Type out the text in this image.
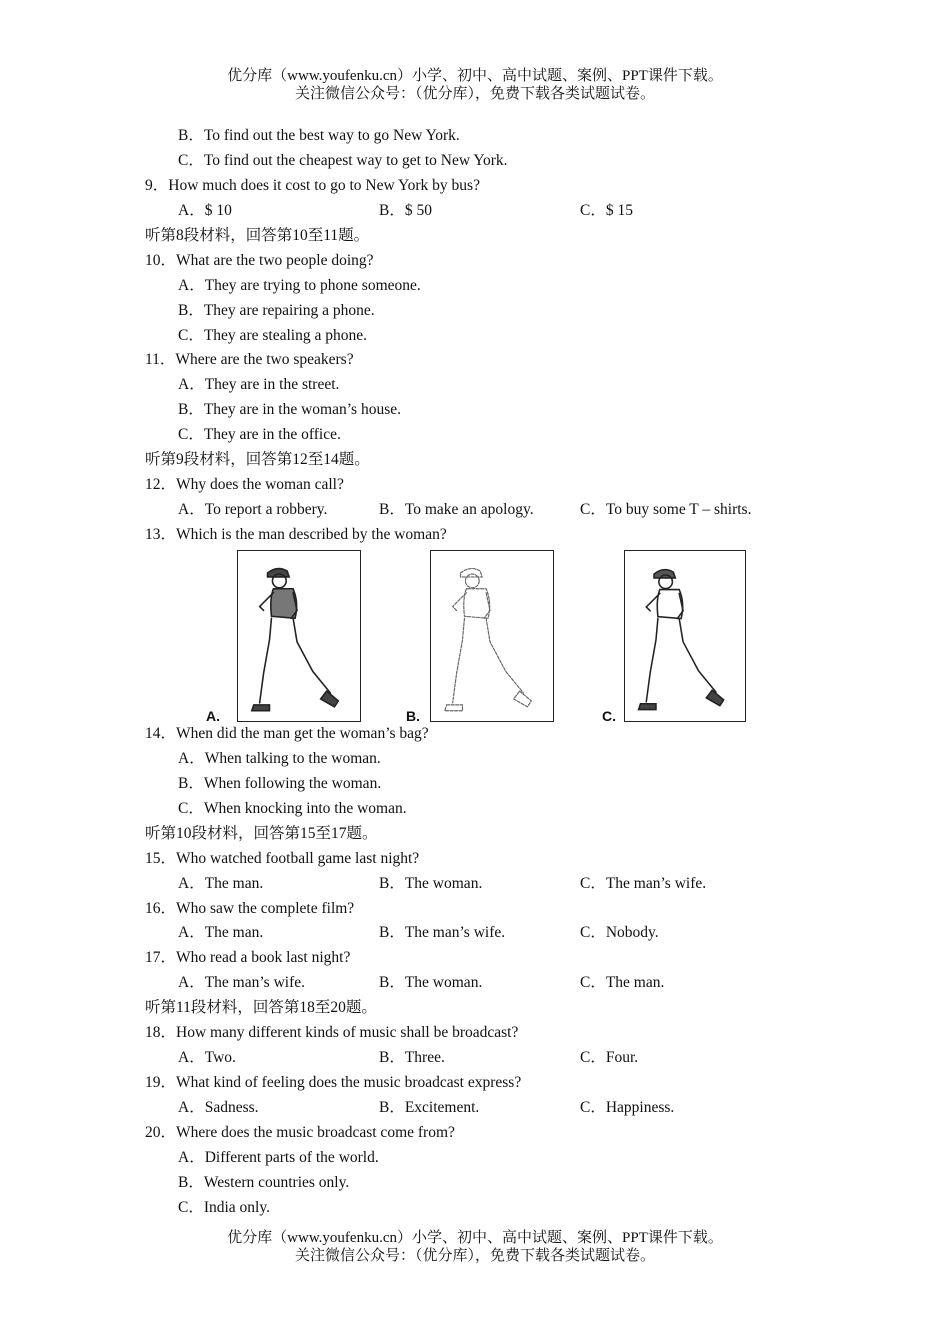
优分库（www.youfenku.cn）小学、初中、高中试题、案例、PPT课件下载。
关注微信公众号：（优分库），免费下载各类试题试卷。
B．To find out the best way to go New York.
C．To find out the cheapest way to get to New York.
9．How much does it cost to go to New York by bus?
A．$ 10	B．$ 50	C．$ 15
听第8段材料，回答第10至11题。
10．What are the two people doing?
A．They are trying to phone someone.
B．They are repairing a phone.
C．They are stealing a phone.
11．Where are the two speakers?
A．They are in the street.
B．They are in the woman’s house.
C．They are in the office.
听第9段材料，回答第12至14题。
12．Why does the woman call?
A．To report a robbery.	B．To make an apology.	C．To buy some T – shirts.
13．Which is the man described by the woman?
A.	B.	C.
14．When did the man get the woman’s bag?
A．When talking to the woman.
B．When following the woman.
C．When knocking into the woman.
听第10段材料，回答第15至17题。
15．Who watched football game last night?
A．The man.	B．The woman.	C．The man’s wife.
16．Who saw the complete film?
A．The man.	B．The man’s wife.	C．Nobody.
17．Who read a book last night?
A．The man’s wife.	B．The woman.	C．The man.
听第11段材料，回答第18至20题。
18．How many different kinds of music shall be broadcast?
A．Two.	B．Three.	C．Four.
19．What kind of feeling does the music broadcast express?
A．Sadness.	B．Excitement.	C．Happiness.
20．Where does the music broadcast come from?
A．Different parts of the world.
B．Western countries only.
C．India only.
优分库（www.youfenku.cn）小学、初中、高中试题、案例、PPT课件下载。
关注微信公众号：（优分库），免费下载各类试题试卷。
